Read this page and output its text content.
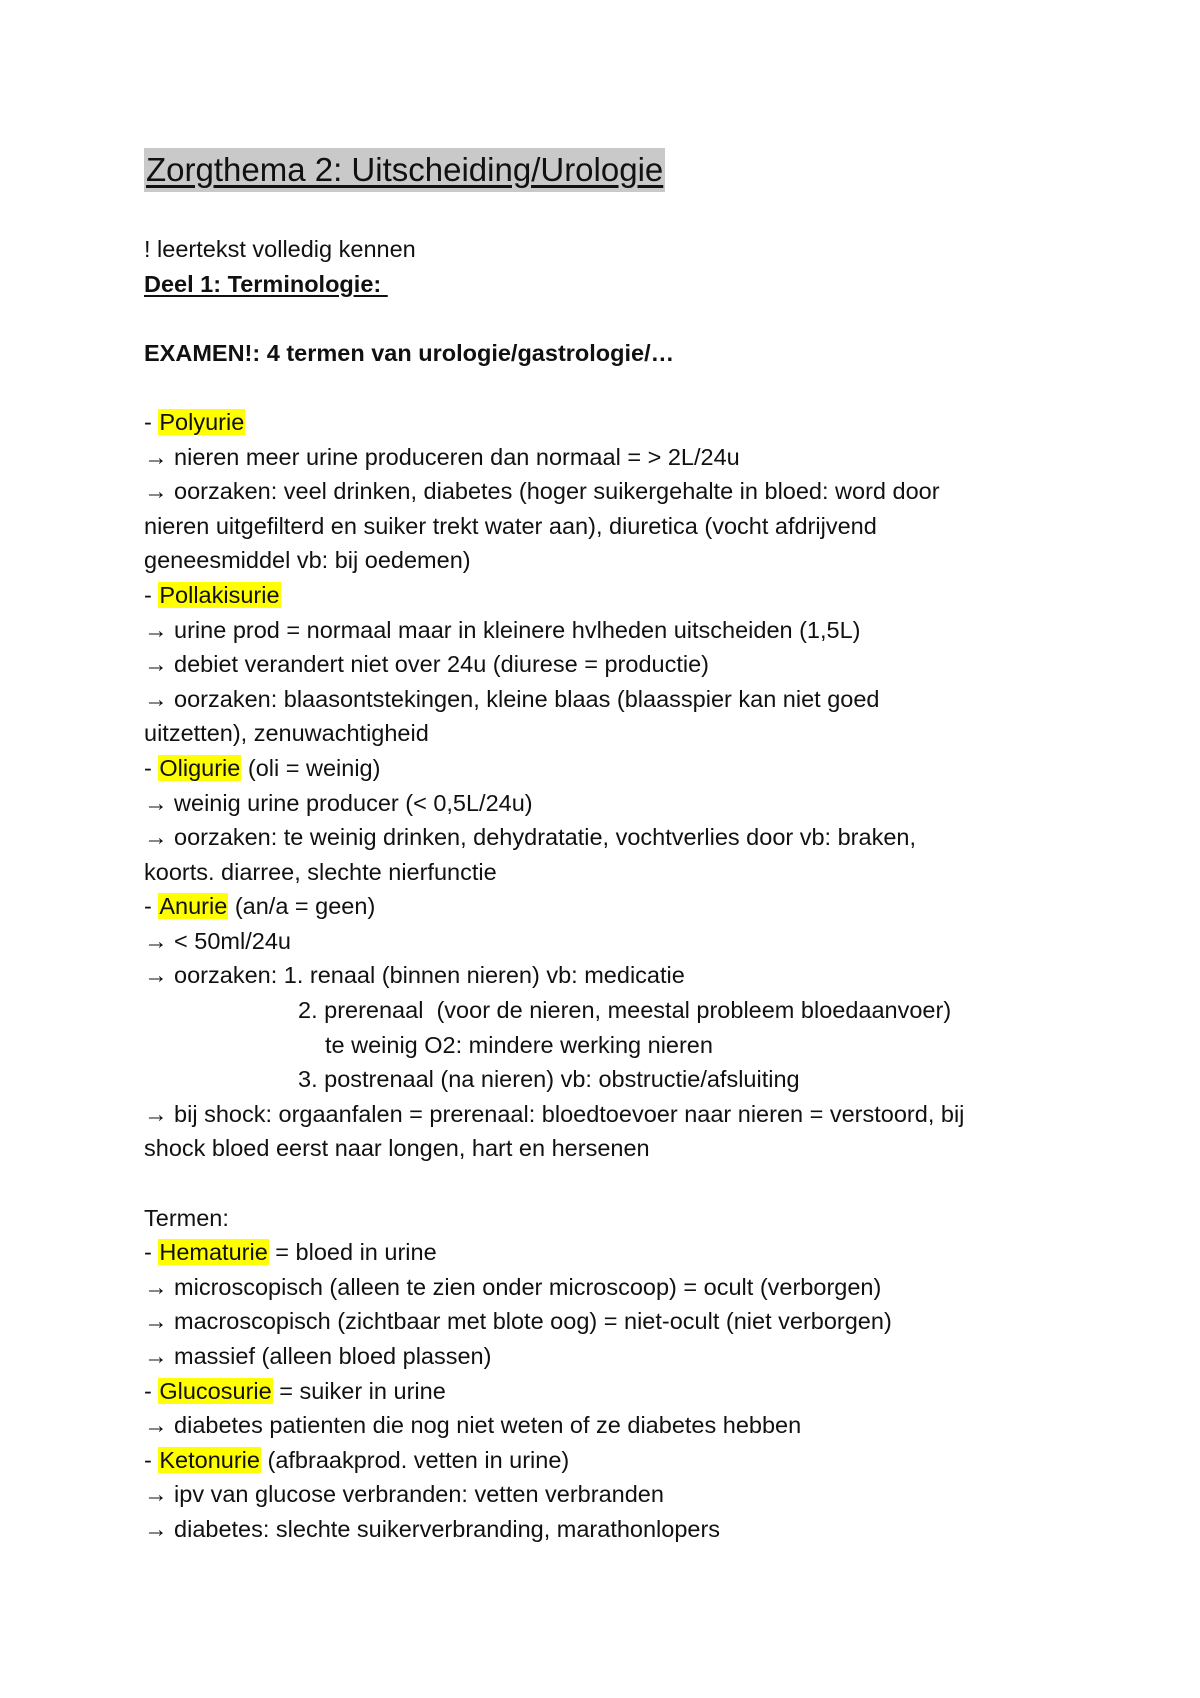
Zorgthema 2: Uitscheiding/Urologie
! leertekst volledig kennen
Deel 1: Terminologie:
EXAMEN!: 4 termen van urologie/gastrologie/…
- Polyurie
→ nieren meer urine produceren dan normaal = > 2L/24u
→ oorzaken: veel drinken, diabetes (hoger suikergehalte in bloed: word door
nieren uitgefilterd en suiker trekt water aan), diuretica (vocht afdrijvend
geneesmiddel vb: bij oedemen)
- Pollakisurie
→ urine prod = normaal maar in kleinere hvlheden uitscheiden (1,5L)
→ debiet verandert niet over 24u (diurese = productie)
→ oorzaken: blaasontstekingen, kleine blaas (blaasspier kan niet goed
uitzetten), zenuwachtigheid
- Oligurie (oli = weinig)
→ weinig urine producer (< 0,5L/24u)
→ oorzaken: te weinig drinken, dehydratatie, vochtverlies door vb: braken,
koorts. diarree, slechte nierfunctie
- Anurie (an/a = geen)
→ < 50ml/24u
→ oorzaken: 1. renaal (binnen nieren) vb: medicatie
2. prerenaal  (voor de nieren, meestal probleem bloedaanvoer)
te weinig O2: mindere werking nieren
3. postrenaal (na nieren) vb: obstructie/afsluiting
→ bij shock: orgaanfalen = prerenaal: bloedtoevoer naar nieren = verstoord, bij
shock bloed eerst naar longen, hart en hersenen
Termen:
- Hematurie = bloed in urine
→ microscopisch (alleen te zien onder microscoop) = ocult (verborgen)
→ macroscopisch (zichtbaar met blote oog) = niet-ocult (niet verborgen)
→ massief (alleen bloed plassen)
- Glucosurie = suiker in urine
→ diabetes patienten die nog niet weten of ze diabetes hebben
- Ketonurie (afbraakprod. vetten in urine)
→ ipv van glucose verbranden: vetten verbranden
→ diabetes: slechte suikerverbranding, marathonlopers
